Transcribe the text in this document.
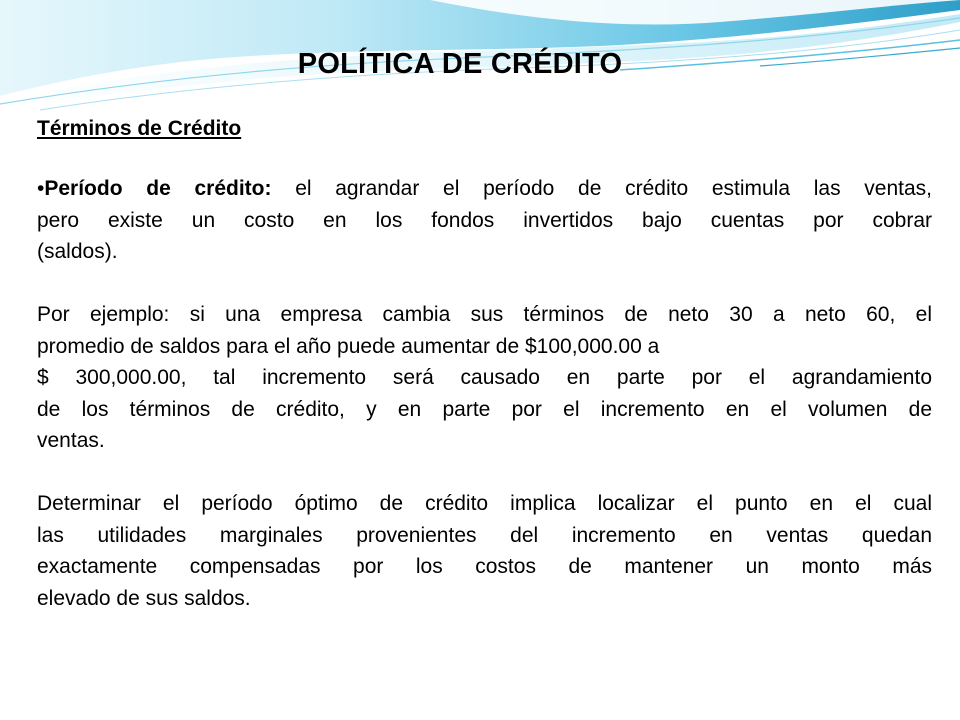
POLÍTICA DE CRÉDITO
Términos de Crédito

•Período de crédito: el agrandar el período de crédito estimula las ventas,
pero existe un costo en los fondos invertidos bajo cuentas por cobrar
(saldos).

Por ejemplo: si una empresa cambia sus términos de neto 30 a neto 60, el
promedio de saldos para el año puede aumentar de $100,000.00 a
$ 300,000.00, tal incremento será causado en parte por el agrandamiento
de los términos de crédito, y en parte por el incremento en el volumen de
ventas.

Determinar el período óptimo de crédito implica localizar el punto en el cual
las utilidades marginales provenientes del incremento en ventas quedan
exactamente compensadas por los costos de mantener un monto más
elevado de sus saldos.
